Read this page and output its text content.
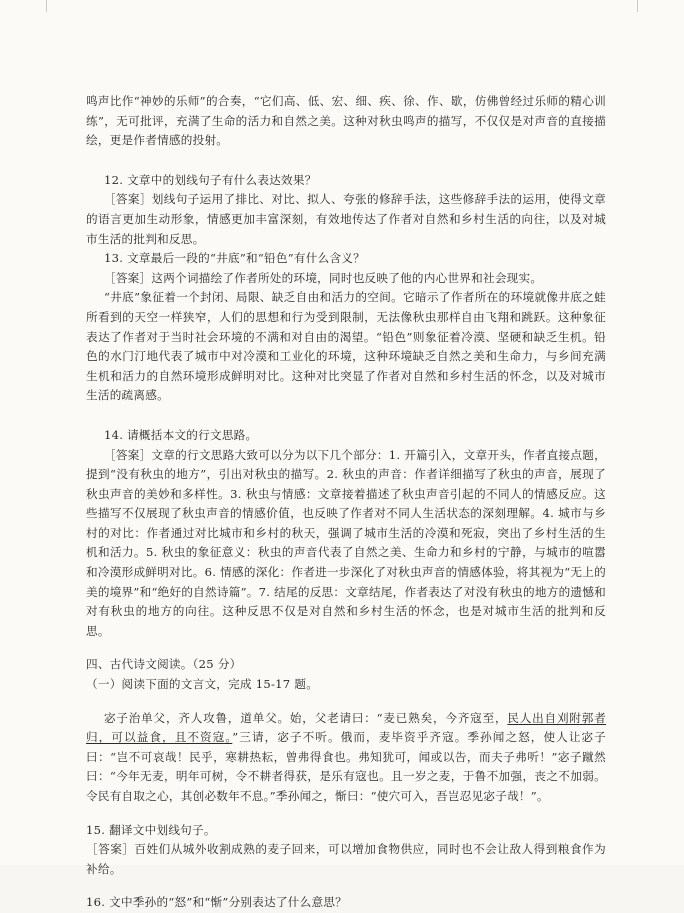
鸣声比作“神妙的乐师”的合奏，“它们高、低、宏、细、疾、徐、作、歇，仿佛曾经过乐师的精心训练”，无可批评，充满了生命的活力和自然之美。这种对秋虫鸣声的描写，不仅仅是对声音的直接描绘，更是作者情感的投射。

12. 文章中的划线句子有什么表达效果？

［答案］划线句子运用了排比、对比、拟人、夸张的修辞手法，这些修辞手法的运用，使得文章的语言更加生动形象，情感更加丰富深刻，有效地传达了作者对自然和乡村生活的向往，以及对城市生活的批判和反思。

13. 文章最后一段的“井底”和“铅色”有什么含义？

［答案］这两个词描绘了作者所处的环境，同时也反映了他的内心世界和社会现实。

“井底”象征着一个封闭、局限、缺乏自由和活力的空间。它暗示了作者所在的环境就像井底之蛙所看到的天空一样狭窄，人们的思想和行为受到限制，无法像秋虫那样自由飞翔和跳跃。这种象征表达了作者对于当时社会环境的不满和对自由的渴望。“铅色”则象征着冷漠、坚硬和缺乏生机。铅色的水门汀地代表了城市中对冷漠和工业化的环境，这种环境缺乏自然之美和生命力，与乡间充满生机和活力的自然环境形成鲜明对比。这种对比突显了作者对自然和乡村生活的怀念，以及对城市生活的疏离感。

14. 请概括本文的行文思路。

［答案］文章的行文思路大致可以分为以下几个部分：1. 开篇引入，文章开头，作者直接点题，提到“没有秋虫的地方”，引出对秋虫的描写。2. 秋虫的声音：作者详细描写了秋虫的声音，展现了秋虫声音的美妙和多样性。3. 秋虫与情感：文章接着描述了秋虫声音引起的不同人的情感反应。这些描写不仅展现了秋虫声音的情感价值，也反映了作者对不同人生活状态的深刻理解。4. 城市与乡村的对比：作者通过对比城市和乡村的秋天，强调了城市生活的冷漠和死寂，突出了乡村生活的生机和活力。5. 秋虫的象征意义：秋虫的声音代表了自然之美、生命力和乡村的宁静，与城市的喧嚣和冷漠形成鲜明对比。6. 情感的深化：作者进一步深化了对秋虫声音的情感体验，将其视为“无上的美的境界”和“绝好的自然诗篇”。7. 结尾的反思：文章结尾，作者表达了对没有秋虫的地方的遗憾和对有秋虫的地方的向往。这种反思不仅是对自然和乡村生活的怀念，也是对城市生活的批判和反思。

四、古代诗文阅读。（25 分）

（一）阅读下面的文言文，完成 15-17 题。

宓子治单父，齐人攻鲁，道单父。始，父老请曰：“麦已熟矣，今齐寇至，民人出自刈附郭者归，可以益食，且不资寇。”三请，宓子不听。俄而，麦毕资乎齐寇。季孙闻之怒，使人让宓子曰：“岂不可哀哉！民乎，寒耕热耘，曾弗得食也。弗知犹可，闻或以告，而夫子弗听！”宓子蹴然曰：“今年无麦，明年可树，令不耕者得获，是乐有寇也。且一岁之麦，于鲁不加强，丧之不加弱。令民有自取之心，其创必数年不息。”季孙闻之，惭曰：“使穴可入，吾岂忍见宓子哉！”。

15. 翻译文中划线句子。

［答案］百姓们从城外收割成熟的麦子回来，可以增加食物供应，同时也不会让敌人得到粮食作为补给。

16. 文中季孙的“怒”和“惭”分别表达了什么意思？
